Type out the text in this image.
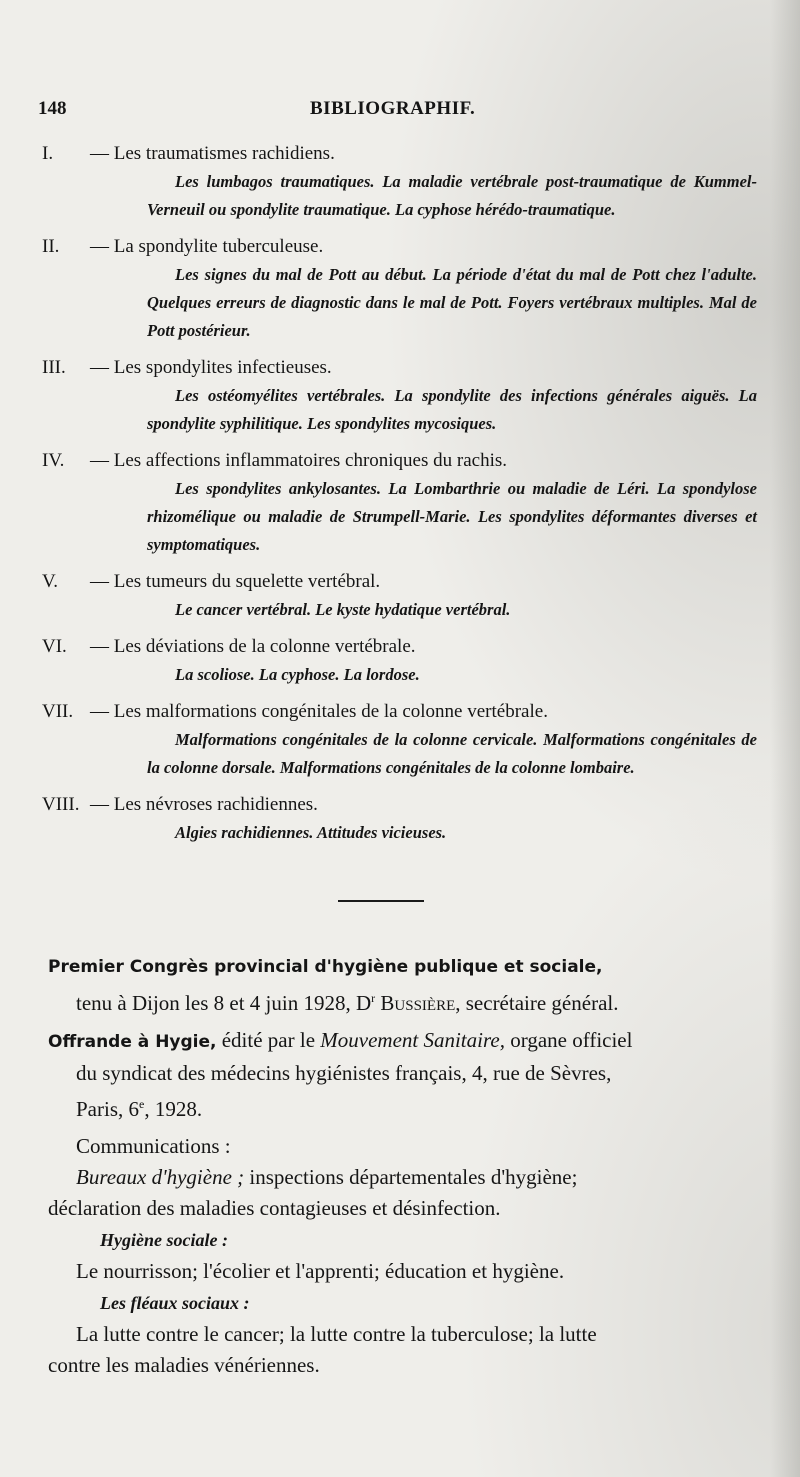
148	BIBLIOGRAPHIF.
I. — Les traumatismes rachidiens.
Les lumbagos traumatiques. La maladie vertébrale post-traumatique de Kummel-Verneuil ou spondylite traumatique. La cyphose hérédo-traumatique.
II. — La spondylite tuberculeuse.
Les signes du mal de Pott au début. La période d'état du mal de Pott chez l'adulte. Quelques erreurs de diagnostic dans le mal de Pott. Foyers vertébraux multiples. Mal de Pott postérieur.
III. — Les spondylites infectieuses.
Les ostéomyélites vertébrales. La spondylite des infections générales aiguës. La spondylite syphilitique. Les spondylites mycosiques.
IV. — Les affections inflammatoires chroniques du rachis.
Les spondylites ankylosantes. La Lombarthrie ou maladie de Léri. La spondylose rhizomélique ou maladie de Strumpell-Marie. Les spondylites déformantes diverses et symptomatiques.
V. — Les tumeurs du squelette vertébral.
Le cancer vertébral. Le kyste hydatique vertébral.
VI. — Les déviations de la colonne vertébrale.
La scoliose. La cyphose. La lordose.
VII. — Les malformations congénitales de la colonne vertébrale.
Malformations congénitales de la colonne cervicale. Malformations congénitales de la colonne dorsale. Malformations congénitales de la colonne lombaire.
VIII. — Les névroses rachidiennes.
Algies rachidiennes. Attitudes vicieuses.
Premier Congrès provincial d'hygiène publique et sociale,
tenu à Dijon les 8 et 4 juin 1928, $D^r$ Bussière, secrétaire général.
Offrande à Hygie, édité par le Mouvement Sanitaire, organe officiel
du syndicat des médecins hygiénistes français, 4, rue de Sèvres,
Paris, 6e, 1928.
Communications :
Bureaux d'hygiène ; inspections départementales d'hygiène;
déclaration des maladies contagieuses et désinfection.
Hygiène sociale :
Le nourrisson; l'écolier et l'apprenti; éducation et hygiène.
Les fléaux sociaux :
La lutte contre le cancer; la lutte contre la tuberculose; la lutte
contre les maladies vénériennes.
